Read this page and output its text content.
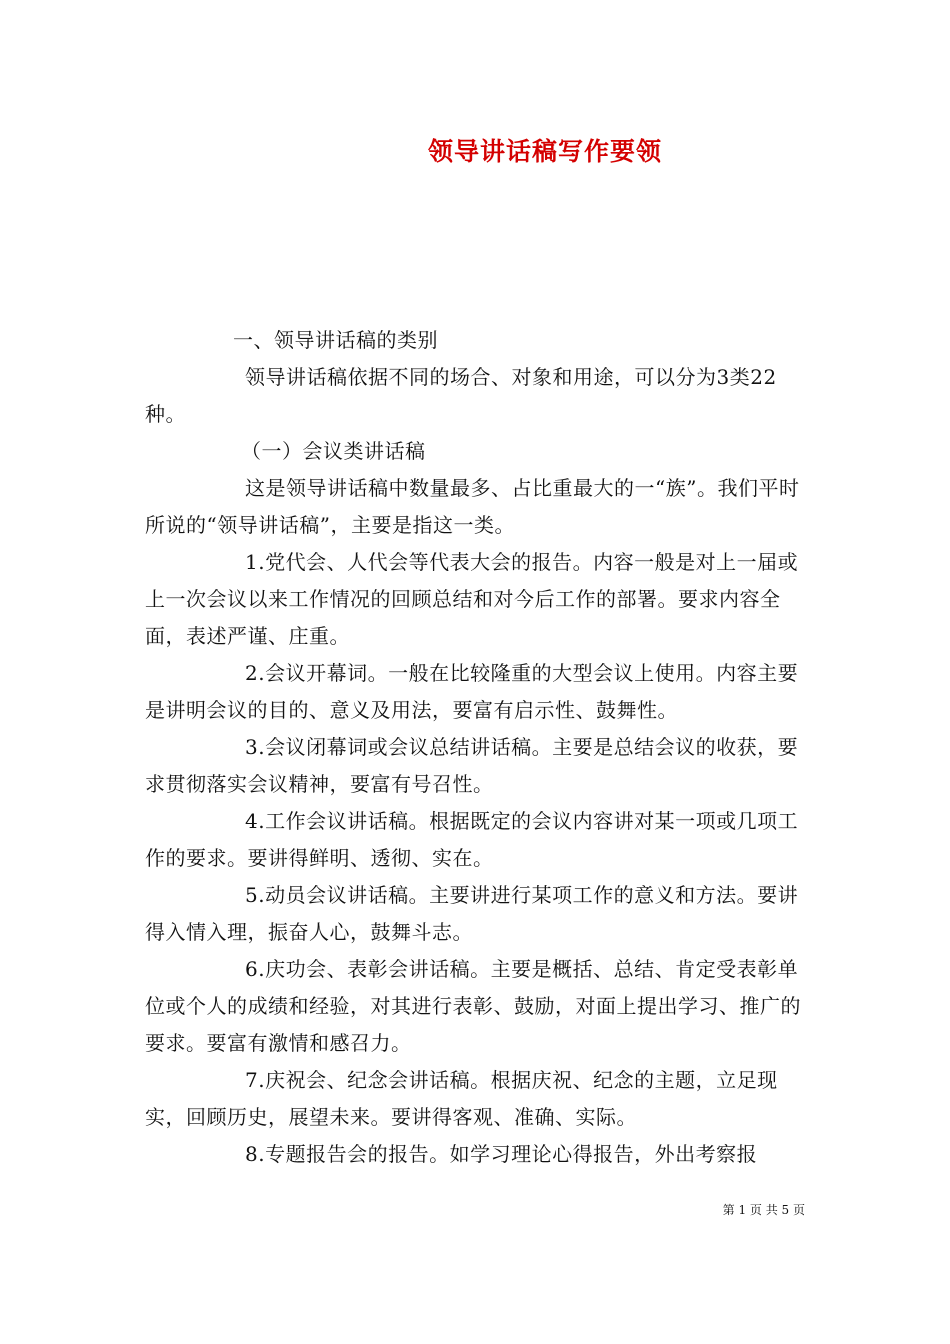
领导讲话稿写作要领

一、领导讲话稿的类别

领导讲话稿依据不同的场合、对象和用途，可以分为3类22种。

（一）会议类讲话稿

这是领导讲话稿中数量最多、占比重最大的一“族”。我们平时所说的“领导讲话稿”，主要是指这一类。

1.党代会、人代会等代表大会的报告。内容一般是对上一届或上一次会议以来工作情况的回顾总结和对今后工作的部署。要求内容全面，表述严谨、庄重。

2.会议开幕词。一般在比较隆重的大型会议上使用。内容主要是讲明会议的目的、意义及用法，要富有启示性、鼓舞性。

3.会议闭幕词或会议总结讲话稿。主要是总结会议的收获，要求贯彻落实会议精神，要富有号召性。

4.工作会议讲话稿。根据既定的会议内容讲对某一项或几项工作的要求。要讲得鲜明、透彻、实在。

5.动员会议讲话稿。主要讲进行某项工作的意义和方法。要讲得入情入理，振奋人心，鼓舞斗志。

6.庆功会、表彰会讲话稿。主要是概括、总结、肯定受表彰单位或个人的成绩和经验，对其进行表彰、鼓励，对面上提出学习、推广的要求。要富有激情和感召力。

7.庆祝会、纪念会讲话稿。根据庆祝、纪念的主题，立足现实，回顾历史，展望未来。要讲得客观、准确、实际。

8.专题报告会的报告。如学习理论心得报告，外出考察报

第 1 页 共 5 页
